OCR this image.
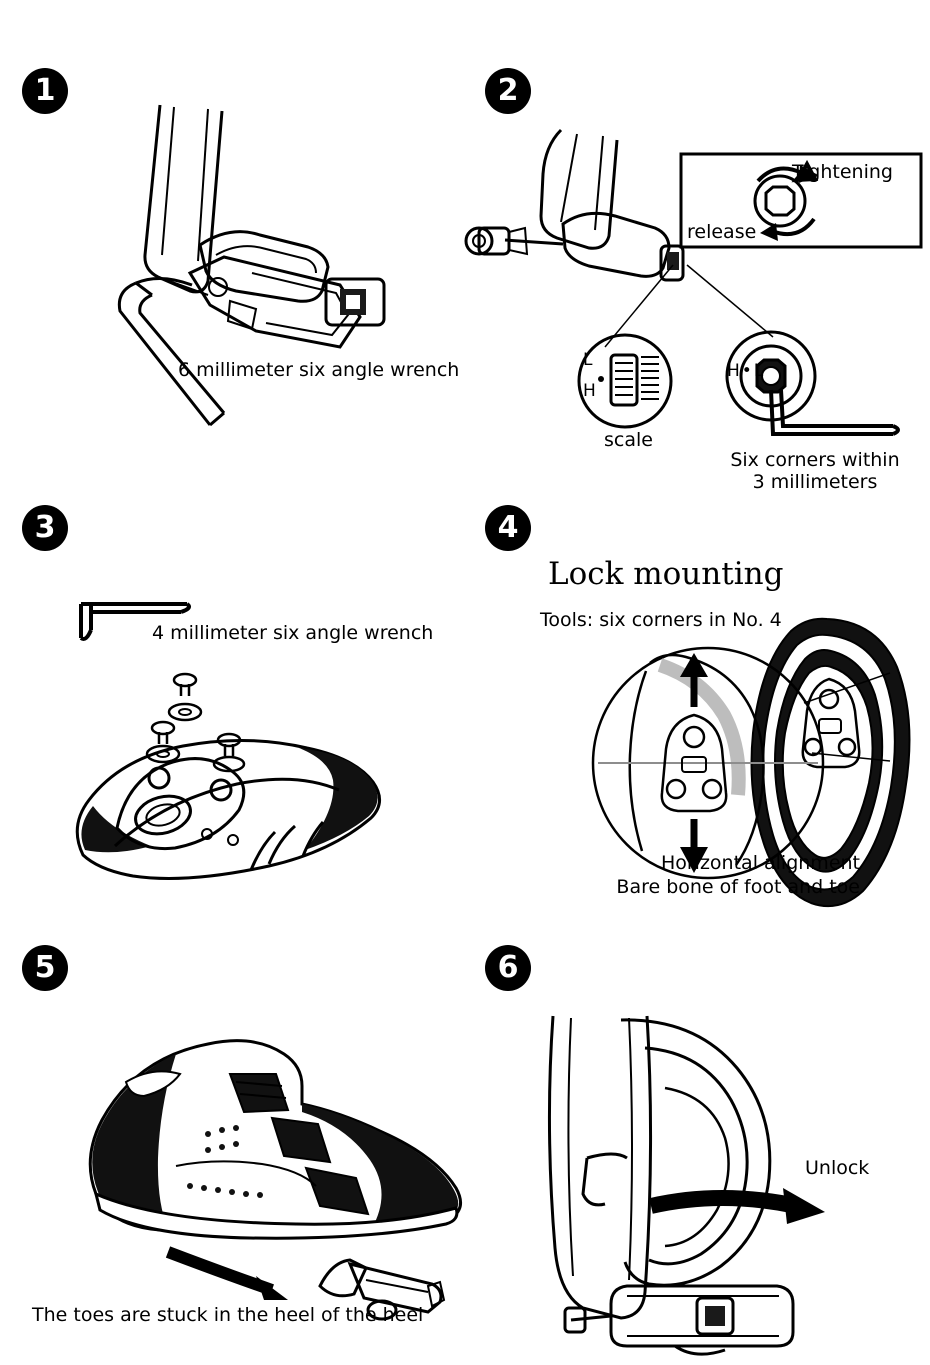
1
6 millimeter six angle wrench
2
Tightening
release
L
H
scale
H•L
Six corners within
3 millimeters
3
4 millimeter six angle wrench
4
Lock mounting
Tools: six corners in No. 4
Horizontal alignment
Bare bone of foot and toe
5
The toes are stuck in the heel of the heel
6
Unlock
